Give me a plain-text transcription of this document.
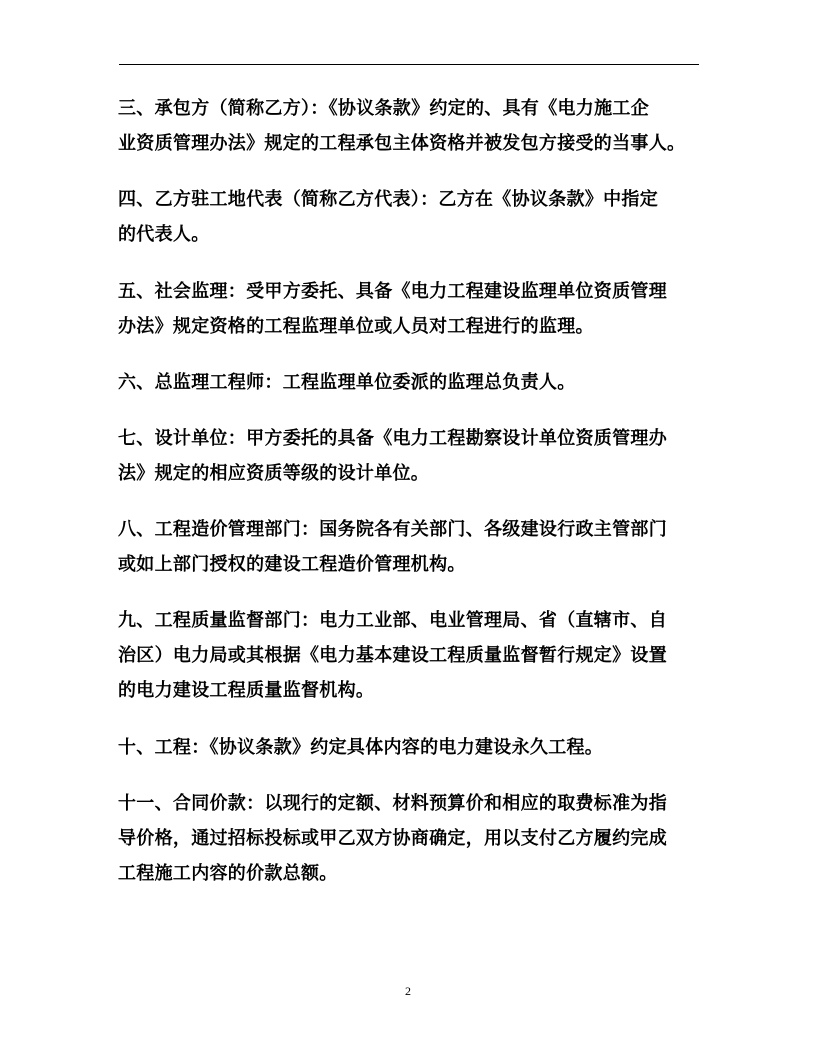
三、承包方（简称乙方）：《协议条款》约定的、具有《电力施工企
业资质管理办法》规定的工程承包主体资格并被发包方接受的当事人。
四、乙方驻工地代表（简称乙方代表）：乙方在《协议条款》中指定
的代表人。
五、社会监理：受甲方委托、具备《电力工程建设监理单位资质管理
办法》规定资格的工程监理单位或人员对工程进行的监理。
六、总监理工程师：工程监理单位委派的监理总负责人。
七、设计单位：甲方委托的具备《电力工程勘察设计单位资质管理办
法》规定的相应资质等级的设计单位。
八、工程造价管理部门：国务院各有关部门、各级建设行政主管部门
或如上部门授权的建设工程造价管理机构。
九、工程质量监督部门：电力工业部、电业管理局、省（直辖市、自
治区）电力局或其根据《电力基本建设工程质量监督暂行规定》设置
的电力建设工程质量监督机构。
十、工程：《协议条款》约定具体内容的电力建设永久工程。
十一、合同价款：以现行的定额、材料预算价和相应的取费标准为指
导价格，通过招标投标或甲乙双方协商确定，用以支付乙方履约完成
工程施工内容的价款总额。
2
